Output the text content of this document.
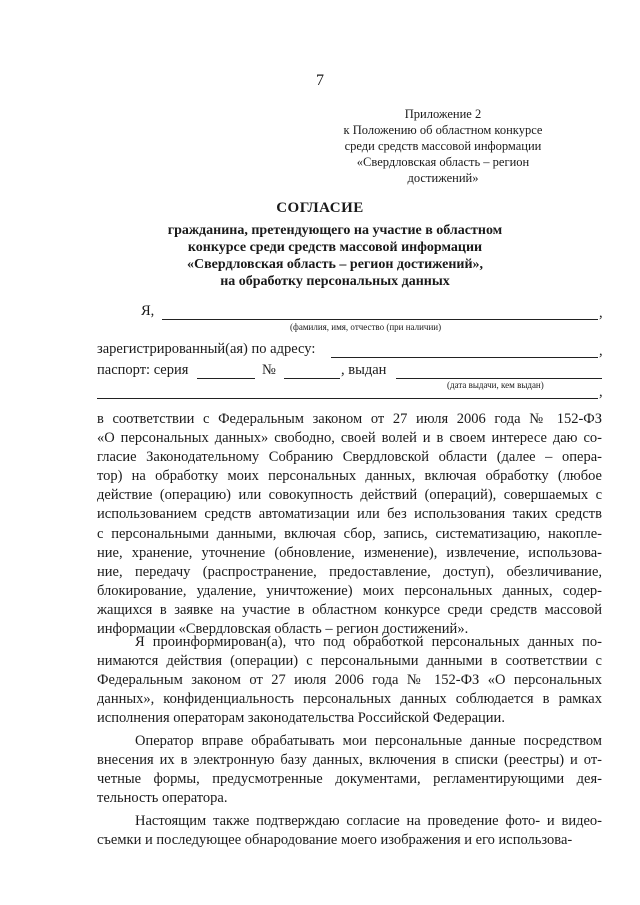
7
Приложение 2
к Положению об областном конкурсе
среди средств массовой информации
«Свердловская область – регион
достижений»
СОГЛАСИЕ
гражданина, претендующего на участие в областном
конкурсе среди средств массовой информации
«Свердловская область – регион достижений»,
на обработку персональных данных
Я,	,
(фамилия, имя, отчество (при наличии)
зарегистрированный(ая) по адресу:	,
паспорт: серия	№	, выдан
(дата выдачи, кем выдан)	,
в соответствии с Федеральным законом от 27 июля 2006 года № 152-ФЗ
«О персональных данных» свободно, своей волей и в своем интересе даю со-
гласие Законодательному Собранию Свердловской области (далее – опера-
тор) на обработку моих персональных данных, включая обработку (любое
действие (операцию) или совокупность действий (операций), совершаемых с
использованием средств автоматизации или без использования таких средств
с персональными данными, включая сбор, запись, систематизацию, накопле-
ние, хранение, уточнение (обновление, изменение), извлечение, использова-
ние, передачу (распространение, предоставление, доступ), обезличивание,
блокирование, удаление, уничтожение) моих персональных данных, содер-
жащихся в заявке на участие в областном конкурсе среди средств массовой
информации «Свердловская область – регион достижений».
Я проинформирован(а), что под обработкой персональных данных по-
нимаются действия (операции) с персональными данными в соответствии с
Федеральным законом от 27 июля 2006 года № 152-ФЗ «О персональных
данных», конфиденциальность персональных данных соблюдается в рамках
исполнения операторам законодательства Российской Федерации.
Оператор вправе обрабатывать мои персональные данные посредством
внесения их в электронную базу данных, включения в списки (реестры) и от-
четные формы, предусмотренные документами, регламентирующими дея-
тельность оператора.
Настоящим также подтверждаю согласие на проведение фото- и видео-
съемки и последующее обнародование моего изображения и его использова-
